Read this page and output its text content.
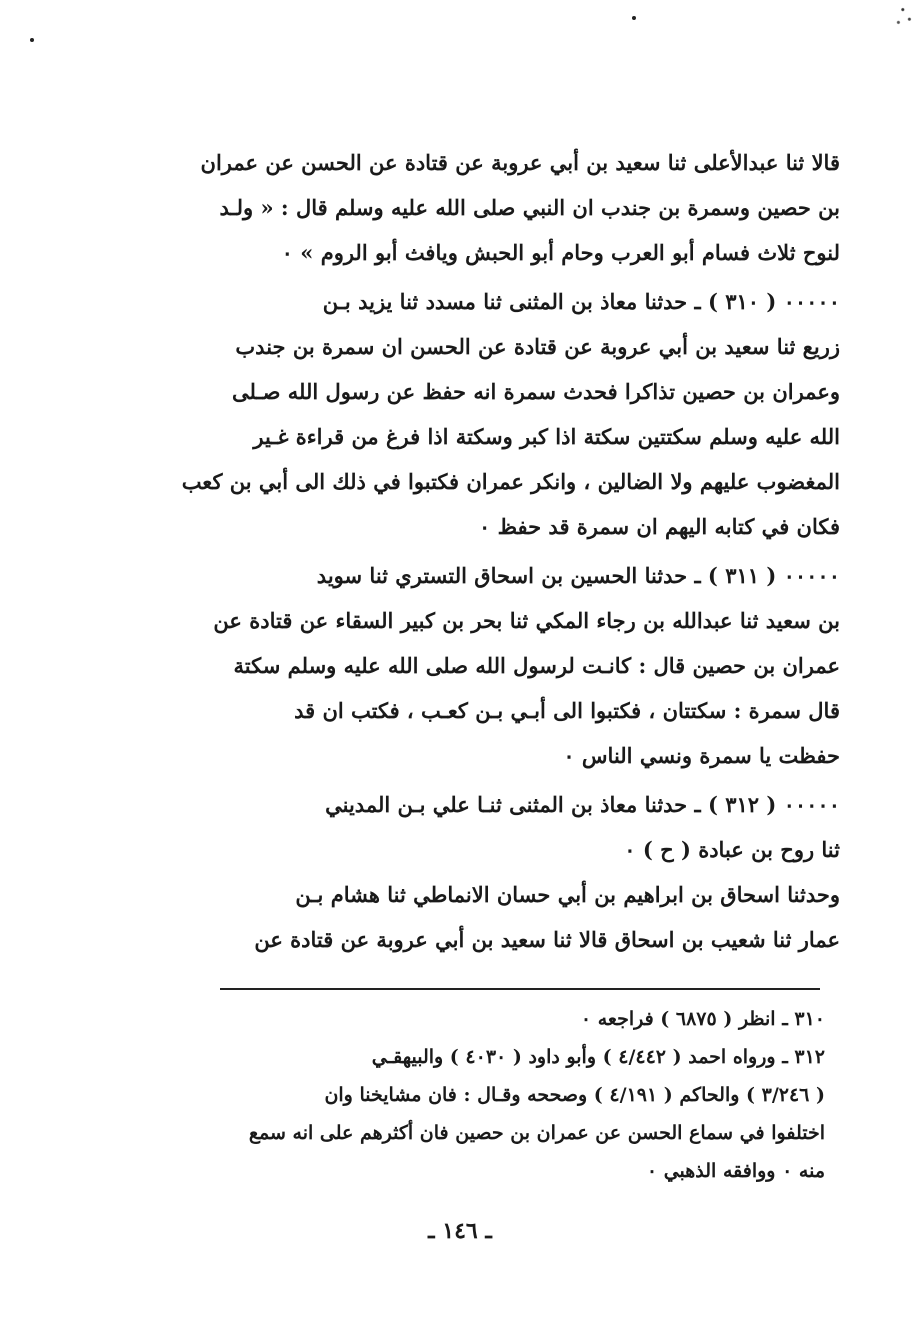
قالا ثنا عبدالأعلى ثنا سعيد بن أبي عروبة عن قتادة عن الحسن عن عمران
بن حصين وسمرة بن جندب ان النبي صلى الله عليه وسلم قال : « ولـد
لنوح ثلاث فسام أبو العرب وحام أبو الحبش ويافث أبو الروم » ٠
٠٠٠٠٠ ( ٣١٠ ) ـ حدثنا معاذ بن المثنى ثنا مسدد ثنا يزيد بـن
زريع ثنا سعيد بن أبي عروبة عن قتادة عن الحسن ان سمرة بن جندب
وعمران بن حصين تذاكرا فحدث سمرة انه حفظ عن رسول الله صـلى
الله عليه وسلم سكتتين سكتة اذا كبر وسكتة اذا فرغ من قراءة غـير
المغضوب عليهم ولا الضالين ، وانكر عمران فكتبوا في ذلك الى أبي بن كعب
فكان في كتابه اليهم ان سمرة قد حفظ ٠
٠٠٠٠٠ ( ٣١١ ) ـ حدثنا الحسين بن اسحاق التستري ثنا سويد
بن سعيد ثنا عبدالله بن رجاء المكي ثنا بحر بن كبير السقاء عن قتادة عن
عمران بن حصين قال : كانـت لرسول الله صلى الله عليه وسلم سكتة
قال سمرة : سكتتان ، فكتبوا الى أبـي بـن كعـب ، فكتب ان قد
حفظت يا سمرة ونسي الناس ٠
٠٠٠٠٠ ( ٣١٢ ) ـ حدثنا معاذ بن المثنى ثنـا علي بـن المديني
ثنا روح بن عبادة ( ح ) ٠
وحدثنا اسحاق بن ابراهيم بن أبي حسان الانماطي ثنا هشام بـن
عمار ثنا شعيب بن اسحاق قالا ثنا سعيد بن أبي عروبة عن قتادة عن
٣١٠ ـ انظر ( ٦٨٧٥ ) فراجعه ٠
٣١٢ ـ ورواه احمد ( ٤/٤٤٢ ) وأبو داود ( ٤٠٣٠ ) والبيهقـي
( ٣/٢٤٦ ) والحاكم ( ٤/١٩١ ) وصححه وقـال : فان مشايخنا وان
اختلفوا في سماع الحسن عن عمران بن حصين فان أكثرهم على انه سمع
منه ٠ ووافقه الذهبي ٠
ـ ١٤٦ ـ
